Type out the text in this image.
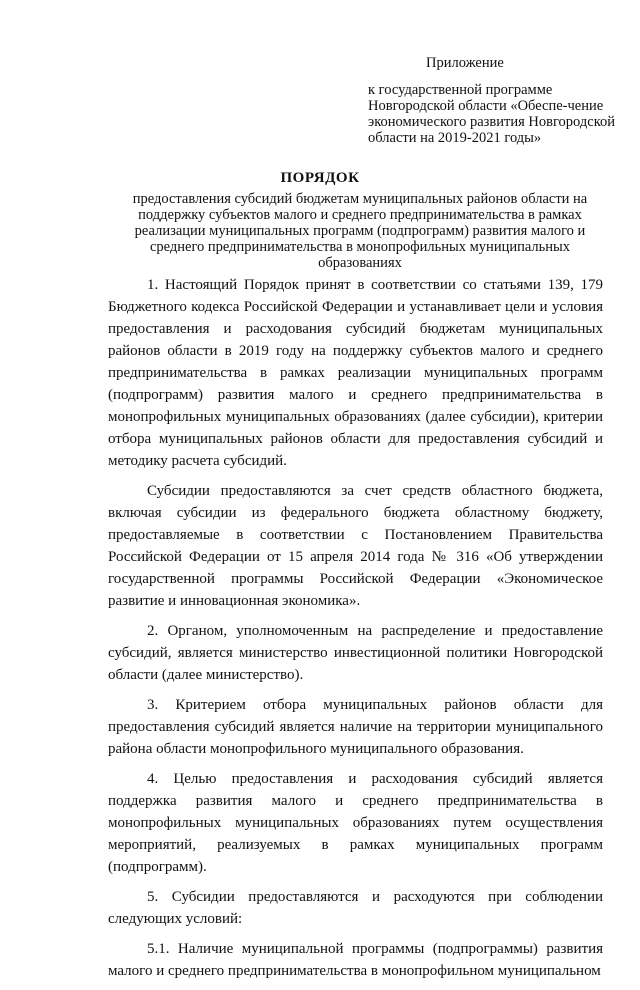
Приложение
к государственной программе Новгородской области «Обеспе-чение экономического развития Новгородской области на 2019-2021 годы»
ПОРЯДОК
предоставления субсидий бюджетам муниципальных районов области на поддержку субъектов малого и среднего предпринимательства в рамках реализации муниципальных программ (подпрограмм) развития малого и среднего предпринимательства в монопрофильных муниципальных образованиях

1. Настоящий Порядок принят в соответствии со статьями 139, 179 Бюджетного кодекса Российской Федерации и устанавливает цели и условия предоставления и расходования субсидий бюджетам муниципальных районов области в 2019 году на поддержку субъектов малого и среднего предпринимательства в рамках реализации муниципальных программ (подпрограмм) развития малого и среднего предпринимательства в монопрофильных муниципальных образованиях (далее субсидии), критерии отбора муниципальных районов области для предоставления субсидий и методику расчета субсидий.

Субсидии предоставляются за счет средств областного бюджета, включая субсидии из федерального бюджета областному бюджету, предоставляемые в соответствии с Постановлением Правительства Российской Федерации от 15 апреля 2014 года № 316 «Об утверждении государственной программы Российской Федерации «Экономическое развитие и инновационная экономика».

2. Органом, уполномоченным на распределение и предоставление субсидий, является министерство инвестиционной политики Новгородской области (далее министерство).

3. Критерием отбора муниципальных районов области для предоставления субсидий является наличие на территории муниципального района области монопрофильного муниципального образования.

4. Целью предоставления и расходования субсидий является поддержка развития малого и среднего предпринимательства в монопрофильных муниципальных образованиях путем осуществления мероприятий, реализуемых в рамках муниципальных программ (подпрограмм).

5. Субсидии предоставляются и расходуются при соблюдении следующих условий:

5.1. Наличие муниципальной программы (подпрограммы) развития малого и среднего предпринимательства в монопрофильном муниципальном
